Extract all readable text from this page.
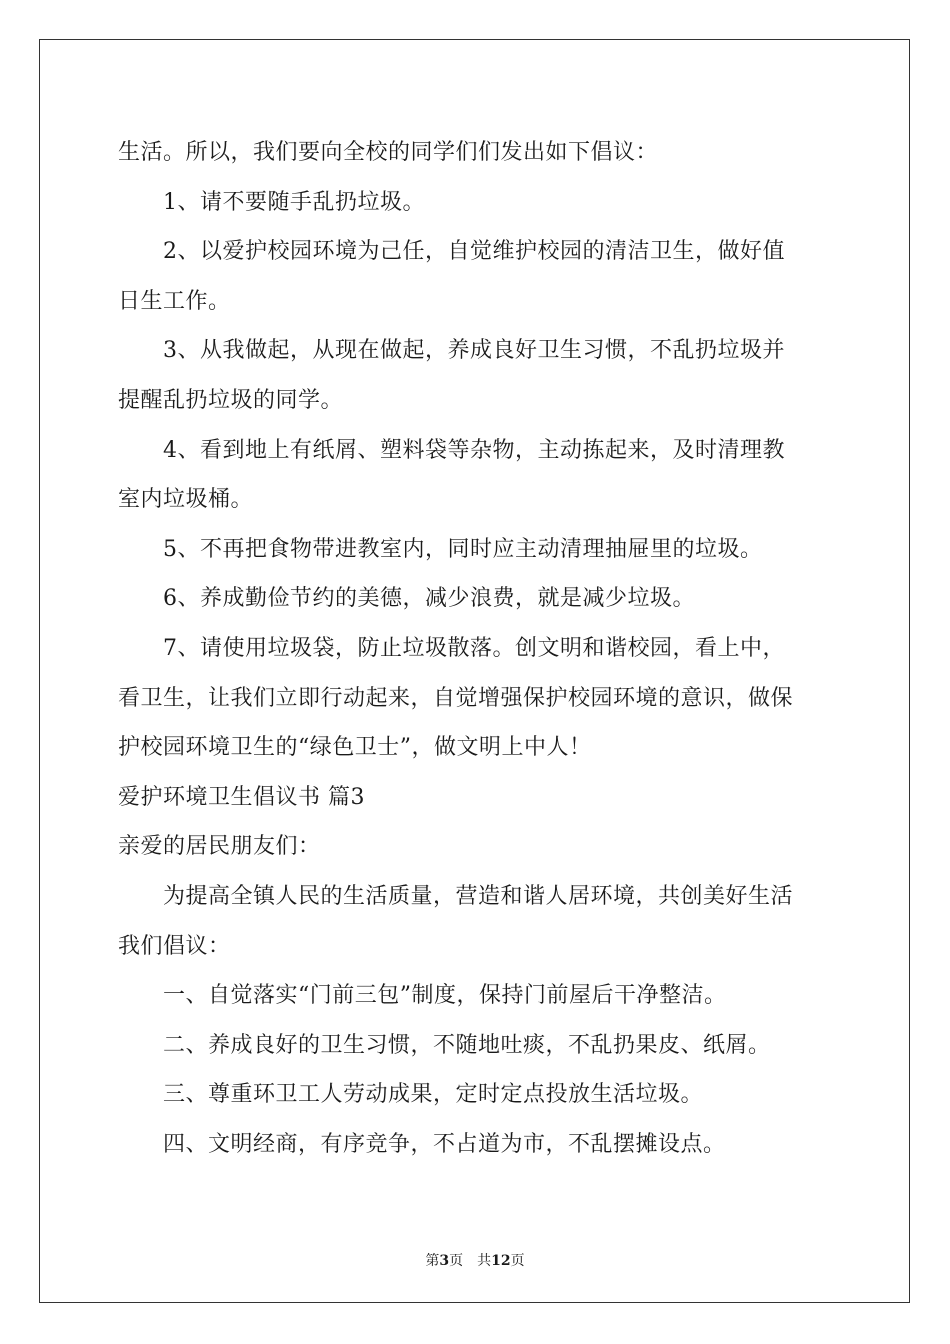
生活。所以，我们要向全校的同学们们发出如下倡议：
1、请不要随手乱扔垃圾。
2、以爱护校园环境为己任，自觉维护校园的清洁卫生，做好值
日生工作。
3、从我做起，从现在做起，养成良好卫生习惯，不乱扔垃圾并
提醒乱扔垃圾的同学。
4、看到地上有纸屑、塑料袋等杂物，主动拣起来，及时清理教
室内垃圾桶。
5、不再把食物带进教室内，同时应主动清理抽屉里的垃圾。
6、养成勤俭节约的美德，减少浪费，就是减少垃圾。
7、请使用垃圾袋，防止垃圾散落。创文明和谐校园，看上中，
看卫生，让我们立即行动起来，自觉增强保护校园环境的意识，做保
护校园环境卫生的“绿色卫士”，做文明上中人！
爱护环境卫生倡议书 篇3
亲爱的居民朋友们：
为提高全镇人民的生活质量，营造和谐人居环境，共创美好生活
我们倡议：
一、自觉落实“门前三包”制度，保持门前屋后干净整洁。
二、养成良好的卫生习惯，不随地吐痰，不乱扔果皮、纸屑。
三、尊重环卫工人劳动成果，定时定点投放生活垃圾。
四、文明经商，有序竞争，不占道为市，不乱摆摊设点。
第3页 共12页
